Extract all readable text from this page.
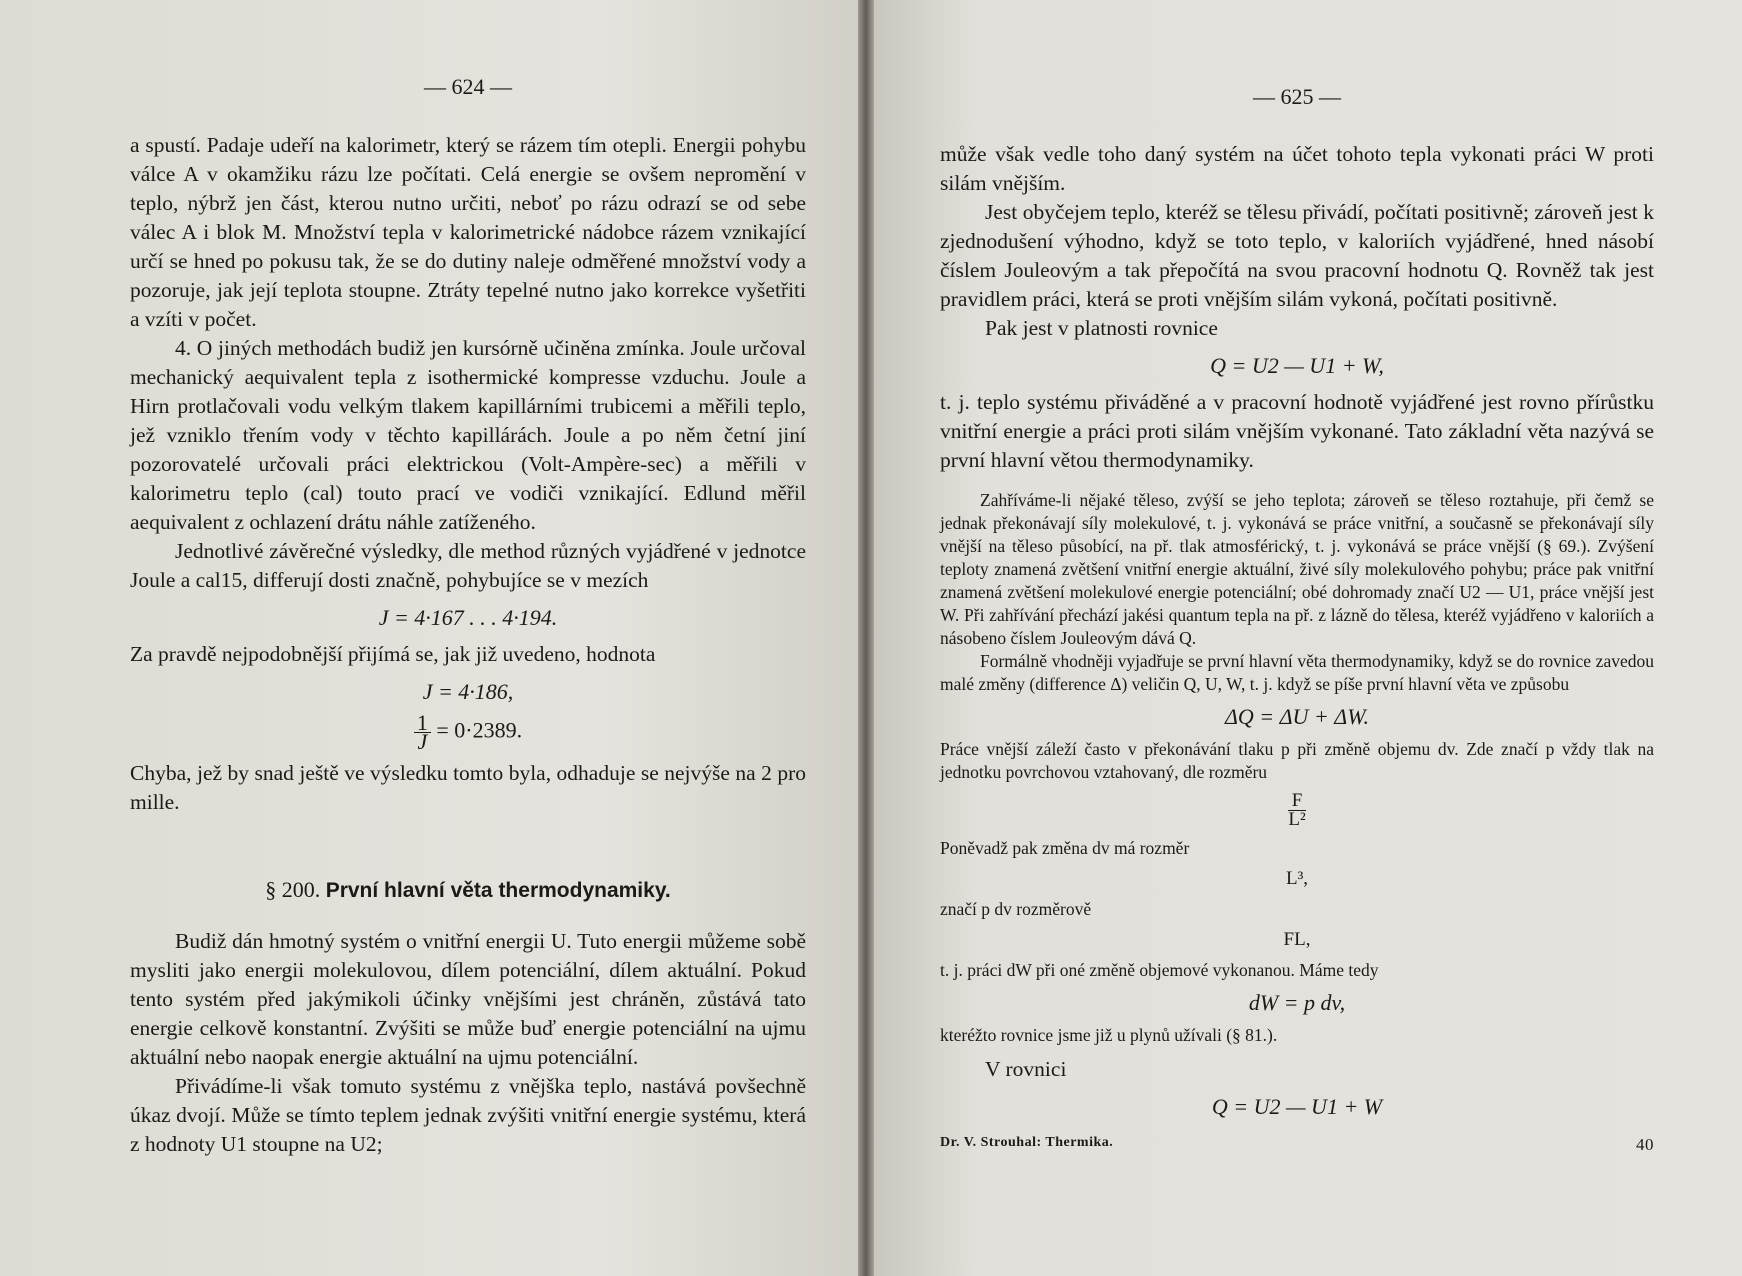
— 624 —

a spustí. Padaje udeří na kalorimetr, který se rázem tím otepli. Energii pohybu válce A v okamžiku rázu lze počítati. Celá energie se ovšem nepromění v teplo, nýbrž jen část, kterou nutno určiti, neboť po rázu odrazí se od sebe válec A i blok M. Množství tepla v kalorimetrické nádobce rázem vznikající určí se hned po pokusu tak, že se do dutiny naleje odměřené množství vody a pozoruje, jak její teplota stoupne. Ztráty tepelné nutno jako korrekce vyšetřiti a vzíti v počet.

4. O jiných methodách budiž jen kursórně učiněna zmínka. Joule určoval mechanický aequivalent tepla z isothermické kompresse vzduchu. Joule a Hirn protlačovali vodu velkým tlakem kapillárními trubicemi a měřili teplo, jež vzniklo třením vody v těchto kapillárách. Joule a po něm četní jiní pozorovatelé určovali práci elektrickou (Volt-Ampère-sec) a měřili v kalorimetru teplo (cal) touto prací ve vodiči vznikající. Edlund měřil aequivalent z ochlazení drátu náhle zatíženého.

Jednotlivé závěrečné výsledky, dle method různých vyjádřené v jednotce Joule a cal15, differují dosti značně, pohybujíce se v mezích

J = 4·167 . . . 4·194.

Za pravdě nejpodobnější přijímá se, jak již uvedeno, hodnota

J = 4·186,
$\frac{1}{J} = 0\cdot 2389$.

Chyba, jež by snad ještě ve výsledku tomto byla, odhaduje se nejvýše na 2 pro mille.

§ 200. První hlavní věta thermodynamiky.

Budiž dán hmotný systém o vnitřní energii U. Tuto energii můžeme sobě mysliti jako energii molekulovou, dílem potenciální, dílem aktuální. Pokud tento systém před jakýmikoli účinky vnějšími jest chráněn, zůstává tato energie celkově konstantní. Zvýšiti se může buď energie potenciální na ujmu aktuální nebo naopak energie aktuální na ujmu potenciální.

Přivádíme-li však tomuto systému z vnějška teplo, nastává povšechně úkaz dvojí. Může se tímto teplem jednak zvýšiti vnitřní energie systému, která z hodnoty U1 stoupne na U2;

— 625 —

může však vedle toho daný systém na účet tohoto tepla vykonati práci W proti silám vnějším.

Jest obyčejem teplo, kteréž se tělesu přivádí, počítati positivně; zároveň jest k zjednodušení výhodno, když se toto teplo, v kaloriích vyjádřené, hned násobí číslem Jouleovým a tak přepočítá na svou pracovní hodnotu Q. Rovněž tak jest pravidlem práci, která se proti vnějším silám vykoná, počítati positivně.

Pak jest v platnosti rovnice

Q = U2 — U1 + W,

t. j. teplo systému přiváděné a v pracovní hodnotě vyjádřené jest rovno přírůstku vnitřní energie a práci proti silám vnějším vykonané. Tato základní věta nazývá se první hlavní větou thermodynamiky.

Zahříváme-li nějaké těleso, zvýší se jeho teplota; zároveň se těleso roztahuje, při čemž se jednak překonávají síly molekulové, t. j. vykonává se práce vnitřní, a současně se překonávají síly vnější na těleso působící, na př. tlak atmosférický, t. j. vykonává se práce vnější (§ 69.). Zvýšení teploty znamená zvětšení vnitřní energie aktuální, živé síly molekulového pohybu; práce pak vnitřní znamená zvětšení molekulové energie potenciální; obé dohromady značí U2 — U1, práce vnější jest W. Při zahřívání přechází jakési quantum tepla na př. z lázně do tělesa, kteréž vyjádřeno v kaloriích a násobeno číslem Jouleovým dává Q.

Formálně vhodněji vyjadřuje se první hlavní věta thermodynamiky, když se do rovnice zavedou malé změny (difference Δ) veličin Q, U, W, t. j. když se píše první hlavní věta ve způsobu

ΔQ = ΔU + ΔW.

Práce vnější záleží často v překonávání tlaku p při změně objemu dv. Zde značí p vždy tlak na jednotku povrchovou vztahovaný, dle rozměru

$\frac{F}{\text{L²}}$

Poněvadž pak změna dv má rozměr

L³,

značí p dv rozměrově

FL,

t. j. práci dW při oné změně objemové vykonanou. Máme tedy

dW = p dv,

kteréžto rovnice jsme již u plynů užívali (§ 81.).

V rovnici

Q = U2 — U1 + W
Dr. V. Strouhal: Thermika.	40
